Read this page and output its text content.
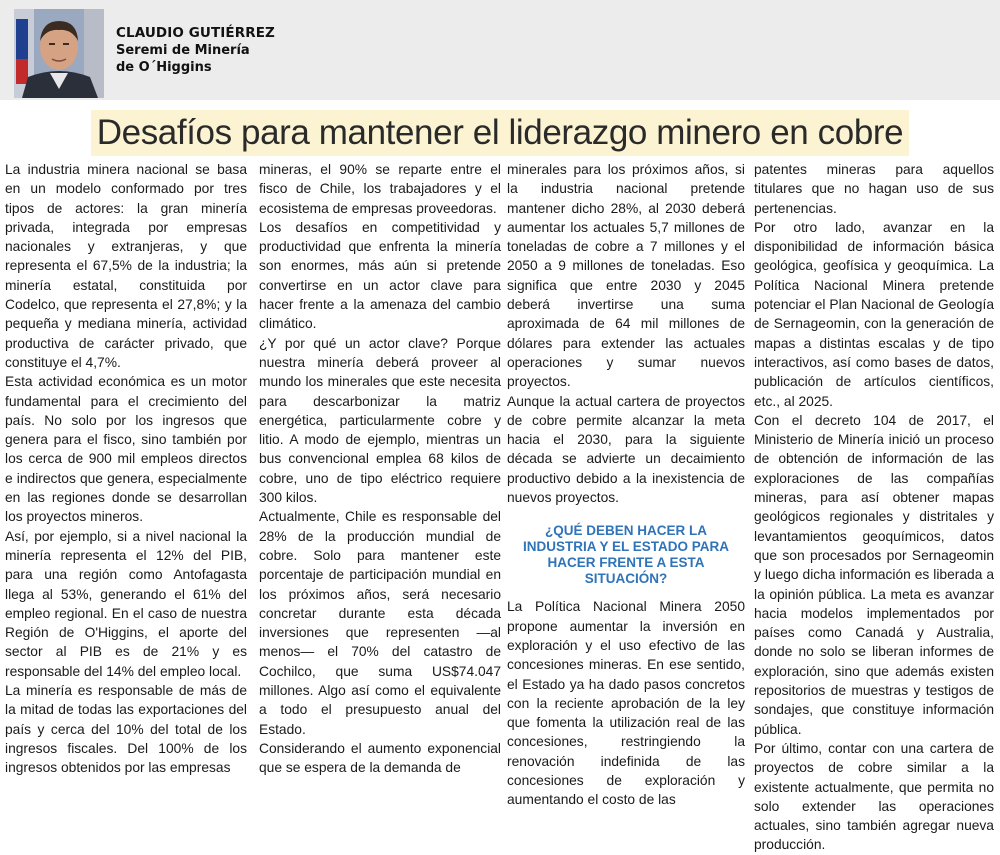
CLAUDIO GUTIÉRREZ
Seremi de Minería
de O´Higgins
Desafíos para mantener el liderazgo minero en cobre

La industria minera nacional se basa en un modelo conformado por tres tipos de actores: la gran minería privada, integrada por empresas nacionales y extranjeras, y que representa el 67,5% de la industria; la minería estatal, constituida por Codelco, que representa el 27,8%; y la pequeña y mediana minería, actividad productiva de carácter privado, que constituye el 4,7%.

Esta actividad económica es un motor fundamental para el crecimiento del país. No solo por los ingresos que genera para el fisco, sino también por los cerca de 900 mil empleos directos e indirectos que genera, especialmente en las regiones donde se desarrollan los proyectos mineros.

Así, por ejemplo, si a nivel nacional la minería representa el 12% del PIB, para una región como Antofagasta llega al 53%, generando el 61% del empleo regional. En el caso de nuestra Región de O'Higgins, el aporte del sector al PIB es de 21% y es responsable del 14% del empleo local.

La minería es responsable de más de la mitad de todas las exportaciones del país y cerca del 10% del total de los ingresos fiscales. Del 100% de los ingresos obtenidos por las empresas

mineras, el 90% se reparte entre el fisco de Chile, los trabajadores y el ecosistema de empresas proveedoras.

Los desafíos en competitividad y productividad que enfrenta la minería son enormes, más aún si pretende convertirse en un actor clave para hacer frente a la amenaza del cambio climático.

¿Y por qué un actor clave? Porque nuestra minería deberá proveer al mundo los minerales que este necesita para descarbonizar la matriz energética, particularmente cobre y litio. A modo de ejemplo, mientras un bus convencional emplea 68 kilos de cobre, uno de tipo eléctrico requiere 300 kilos.

Actualmente, Chile es responsable del 28% de la producción mundial de cobre. Solo para mantener este porcentaje de participación mundial en los próximos años, será necesario concretar durante esta década inversiones que representen —al menos— el 70% del catastro de Cochilco, que suma US$74.047 millones. Algo así como el equivalente a todo el presupuesto anual del Estado.

Considerando el aumento exponencial que se espera de la demanda de

minerales para los próximos años, si la industria nacional pretende mantener dicho 28%, al 2030 deberá aumentar los actuales 5,7 millones de toneladas de cobre a 7 millones y el 2050 a 9 millones de toneladas. Eso significa que entre 2030 y 2045 deberá invertirse una suma aproximada de 64 mil millones de dólares para extender las actuales operaciones y sumar nuevos proyectos.

Aunque la actual cartera de proyectos de cobre permite alcanzar la meta hacia el 2030, para la siguiente década se advierte un decaimiento productivo debido a la inexistencia de nuevos proyectos.

¿QUÉ DEBEN HACER LA INDUSTRIA Y EL ESTADO PARA HACER FRENTE A ESTA SITUACIÓN?

La Política Nacional Minera 2050 propone aumentar la inversión en exploración y el uso efectivo de las concesiones mineras. En ese sentido, el Estado ya ha dado pasos concretos con la reciente aprobación de la ley que fomenta la utilización real de las concesiones, restringiendo la renovación indefinida de las concesiones de exploración y aumentando el costo de las

patentes mineras para aquellos titulares que no hagan uso de sus pertenencias.

Por otro lado, avanzar en la disponibilidad de información básica geológica, geofísica y geoquímica. La Política Nacional Minera pretende potenciar el Plan Nacional de Geología de Sernageomin, con la generación de mapas a distintas escalas y de tipo interactivos, así como bases de datos, publicación de artículos científicos, etc., al 2025.

Con el decreto 104 de 2017, el Ministerio de Minería inició un proceso de obtención de información de las exploraciones de las compañías mineras, para así obtener mapas geológicos regionales y distritales y levantamientos geoquímicos, datos que son procesados por Sernageomin y luego dicha información es liberada a la opinión pública. La meta es avanzar hacia modelos implementados por países como Canadá y Australia, donde no solo se liberan informes de exploración, sino que además existen repositorios de muestras y testigos de sondajes, que constituye información pública.

Por último, contar con una cartera de proyectos de cobre similar a la existente actualmente, que permita no solo extender las operaciones actuales, sino también agregar nueva producción.
